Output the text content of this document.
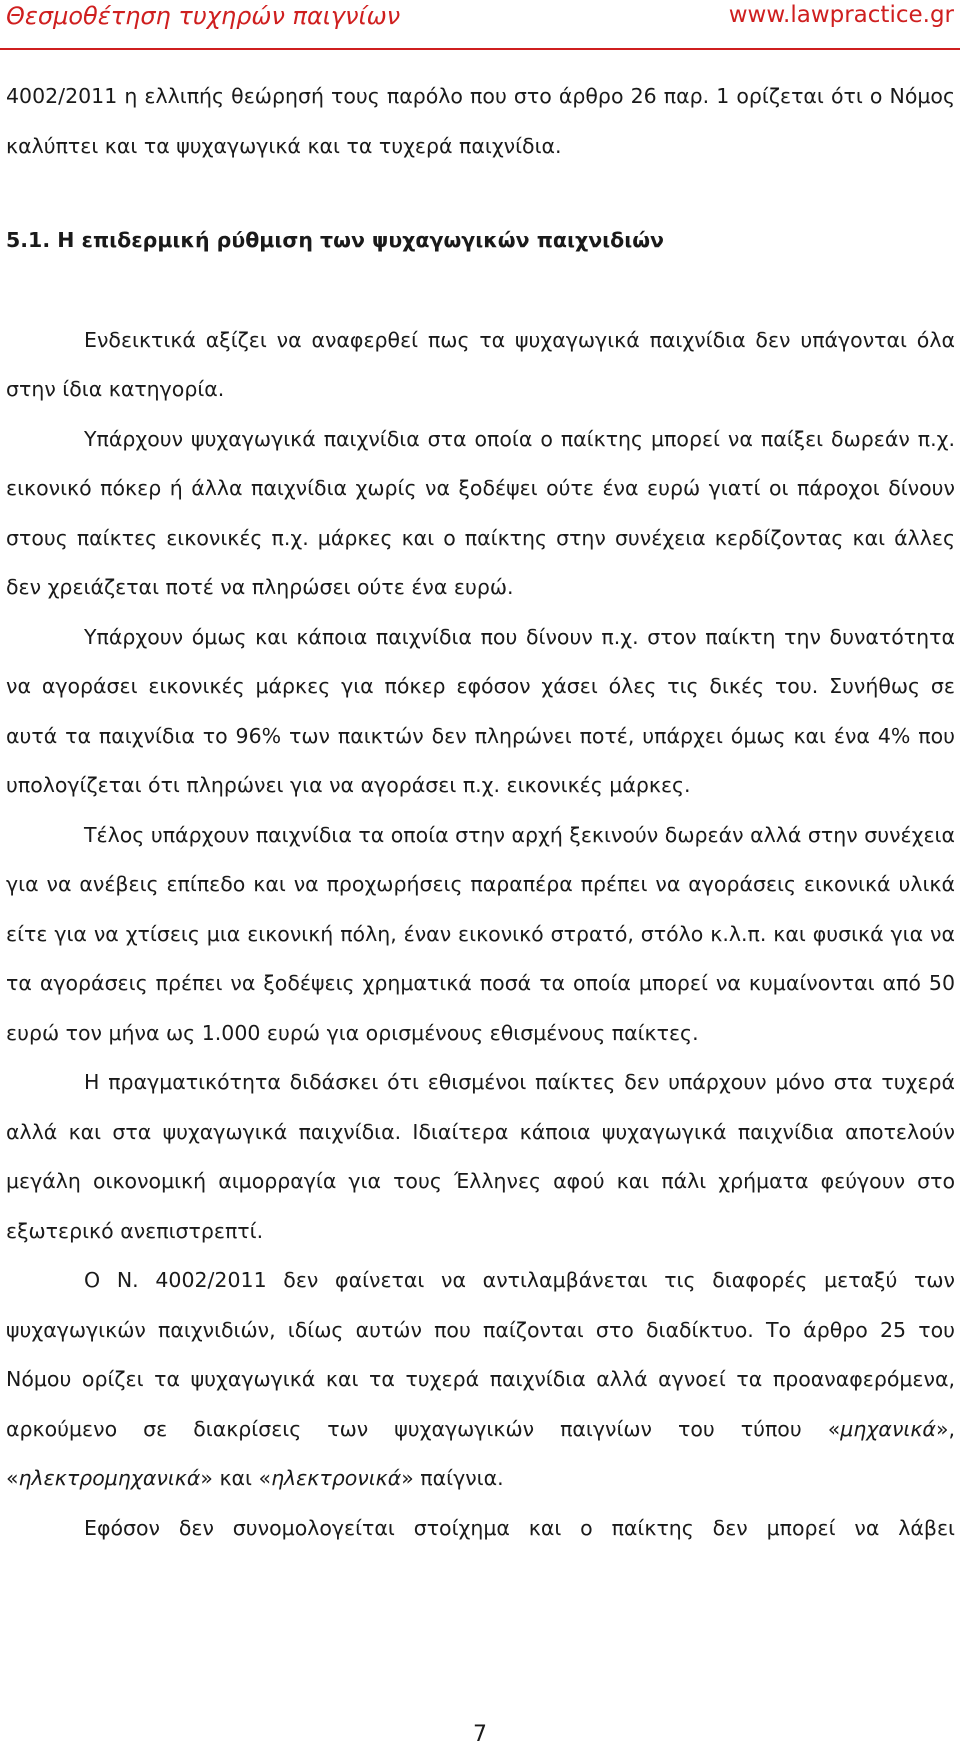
Θεσμοθέτηση τυχηρών παιγνίων	www.lawpractice.gr

4002/2011 η ελλιπής θεώρησή τους παρόλο που στο άρθρο 26 παρ. 1 ορίζεται ότι ο Νόμος καλύπτει και τα ψυχαγωγικά και τα τυχερά παιχνίδια.

5.1. Η επιδερμική ρύθμιση των ψυχαγωγικών παιχνιδιών

Ενδεικτικά αξίζει να αναφερθεί πως τα ψυχαγωγικά παιχνίδια δεν υπάγονται όλα στην ίδια κατηγορία.

Υπάρχουν ψυχαγωγικά παιχνίδια στα οποία ο παίκτης μπορεί να παίξει δωρεάν π.χ. εικονικό πόκερ ή άλλα παιχνίδια χωρίς να ξοδέψει ούτε ένα ευρώ γιατί οι πάροχοι δίνουν στους παίκτες εικονικές π.χ. μάρκες και ο παίκτης στην συνέχεια κερδίζοντας και άλλες δεν χρειάζεται ποτέ να πληρώσει ούτε ένα ευρώ.

Υπάρχουν όμως και κάποια παιχνίδια που δίνουν π.χ. στον παίκτη την δυνατότητα να αγοράσει εικονικές μάρκες για πόκερ εφόσον χάσει όλες τις δικές του. Συνήθως σε αυτά τα παιχνίδια το 96% των παικτών δεν πληρώνει ποτέ, υπάρχει όμως και ένα 4% που υπολογίζεται ότι πληρώνει για να αγοράσει π.χ. εικονικές μάρκες.

Τέλος υπάρχουν παιχνίδια τα οποία στην αρχή ξεκινούν δωρεάν αλλά στην συνέχεια για να ανέβεις επίπεδο και να προχωρήσεις παραπέρα πρέπει να αγοράσεις εικονικά υλικά είτε για να χτίσεις μια εικονική πόλη, έναν εικονικό στρατό, στόλο κ.λ.π. και φυσικά για να τα αγοράσεις πρέπει να ξοδέψεις χρηματικά ποσά τα οποία μπορεί να κυμαίνονται από 50 ευρώ τον μήνα ως 1.000 ευρώ για ορισμένους εθισμένους παίκτες.

Η πραγματικότητα διδάσκει ότι εθισμένοι παίκτες δεν υπάρχουν μόνο στα τυχερά αλλά και στα ψυχαγωγικά παιχνίδια. Ιδιαίτερα κάποια ψυχαγωγικά παιχνίδια αποτελούν μεγάλη οικονομική αιμορραγία για τους Έλληνες αφού και πάλι χρήματα φεύγουν στο εξωτερικό ανεπιστρεπτί.

Ο Ν. 4002/2011 δεν φαίνεται να αντιλαμβάνεται τις διαφορές μεταξύ των ψυχαγωγικών παιχνιδιών, ιδίως αυτών που παίζονται στο διαδίκτυο. Το άρθρο 25 του Νόμου ορίζει τα ψυχαγωγικά και τα τυχερά παιχνίδια αλλά αγνοεί τα προαναφερόμενα, αρκούμενο σε διακρίσεις των ψυχαγωγικών παιγνίων του τύπου «μηχανικά», «ηλεκτρομηχανικά» και «ηλεκτρονικά» παίγνια.

Εφόσον δεν συνομολογείται στοίχημα και ο παίκτης δεν μπορεί να λάβει

7
